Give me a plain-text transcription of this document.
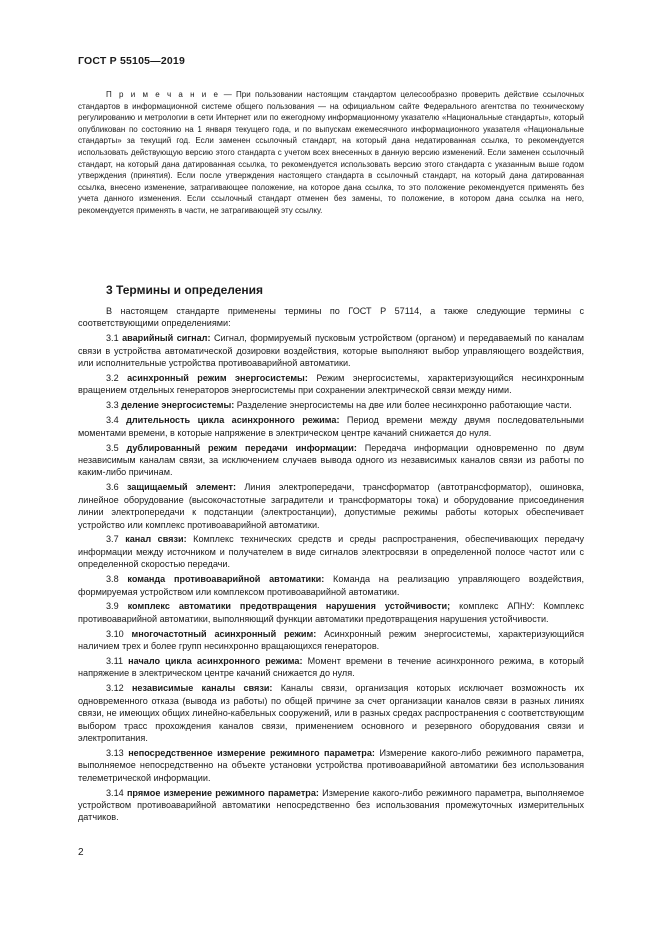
ГОСТ Р 55105—2019

П р и м е ч а н и е — При пользовании настоящим стандартом целесообразно проверить действие ссылочных стандартов в информационной системе общего пользования — на официальном сайте Федерального агентства по техническому регулированию и метрологии в сети Интернет или по ежегодному информационному указателю «Национальные стандарты», который опубликован по состоянию на 1 января текущего года, и по выпускам ежемесячного информационного указателя «Национальные стандарты» за текущий год. Если заменен ссылочный стандарт, на который дана недатированная ссылка, то рекомендуется использовать действующую версию этого стандарта с учетом всех внесенных в данную версию изменений. Если заменен ссылочный стандарт, на который дана датированная ссылка, то рекомендуется использовать версию этого стандарта с указанным выше годом утверждения (принятия). Если после утверждения настоящего стандарта в ссылочный стандарт, на который дана датированная ссылка, внесено изменение, затрагивающее положение, на которое дана ссылка, то это положение рекомендуется применять без учета данного изменения. Если ссылочный стандарт отменен без замены, то положение, в котором дана ссылка на него, рекомендуется применять в части, не затрагивающей эту ссылку.

3 Термины и определения

В настоящем стандарте применены термины по ГОСТ Р 57114, а также следующие термины с соответствующими определениями:

3.1 аварийный сигнал: Сигнал, формируемый пусковым устройством (органом) и передаваемый по каналам связи в устройства автоматической дозировки воздействия, которые выполняют выбор управляющего воздействия, или исполнительные устройства противоаварийной автоматики.

3.2 асинхронный режим энергосистемы: Режим энергосистемы, характеризующийся несинхронным вращением отдельных генераторов энергосистемы при сохранении электрической связи между ними.

3.3 деление энергосистемы: Разделение энергосистемы на две или более несинхронно работающие части.

3.4 длительность цикла асинхронного режима: Период времени между двумя последовательными моментами времени, в которые напряжение в электрическом центре качаний снижается до нуля.

3.5 дублированный режим передачи информации: Передача информации одновременно по двум независимым каналам связи, за исключением случаев вывода одного из независимых каналов связи из работы по каким-либо причинам.

3.6 защищаемый элемент: Линия электропередачи, трансформатор (автотрансформатор), ошиновка, линейное оборудование (высокочастотные заградители и трансформаторы тока) и оборудование присоединения линии электропередачи к подстанции (электростанции), допустимые режимы работы которых обеспечивает устройство или комплекс противоаварийной автоматики.

3.7 канал связи: Комплекс технических средств и среды распространения, обеспечивающих передачу информации между источником и получателем в виде сигналов электросвязи в определенной полосе частот или с определенной скоростью передачи.

3.8 команда противоаварийной автоматики: Команда на реализацию управляющего воздействия, формируемая устройством или комплексом противоаварийной автоматики.

3.9 комплекс автоматики предотвращения нарушения устойчивости; комплекс АПНУ: Комплекс противоаварийной автоматики, выполняющий функции автоматики предотвращения нарушения устойчивости.

3.10 многочастотный асинхронный режим: Асинхронный режим энергосистемы, характеризующийся наличием трех и более групп несинхронно вращающихся генераторов.

3.11 начало цикла асинхронного режима: Момент времени в течение асинхронного режима, в который напряжение в электрическом центре качаний снижается до нуля.

3.12 независимые каналы связи: Каналы связи, организация которых исключает возможность их одновременного отказа (вывода из работы) по общей причине за счет организации каналов связи в разных линиях связи, не имеющих общих линейно-кабельных сооружений, или в разных средах распространения с соответствующим выбором трасс прохождения каналов связи, применением основного и резервного оборудования связи и электропитания.

3.13 непосредственное измерение режимного параметра: Измерение какого-либо режимного параметра, выполняемое непосредственно на объекте установки устройства противоаварийной автоматики без использования телеметрической информации.

3.14 прямое измерение режимного параметра: Измерение какого-либо режимного параметра, выполняемое устройством противоаварийной автоматики непосредственно без использования промежуточных измерительных датчиков.

2
